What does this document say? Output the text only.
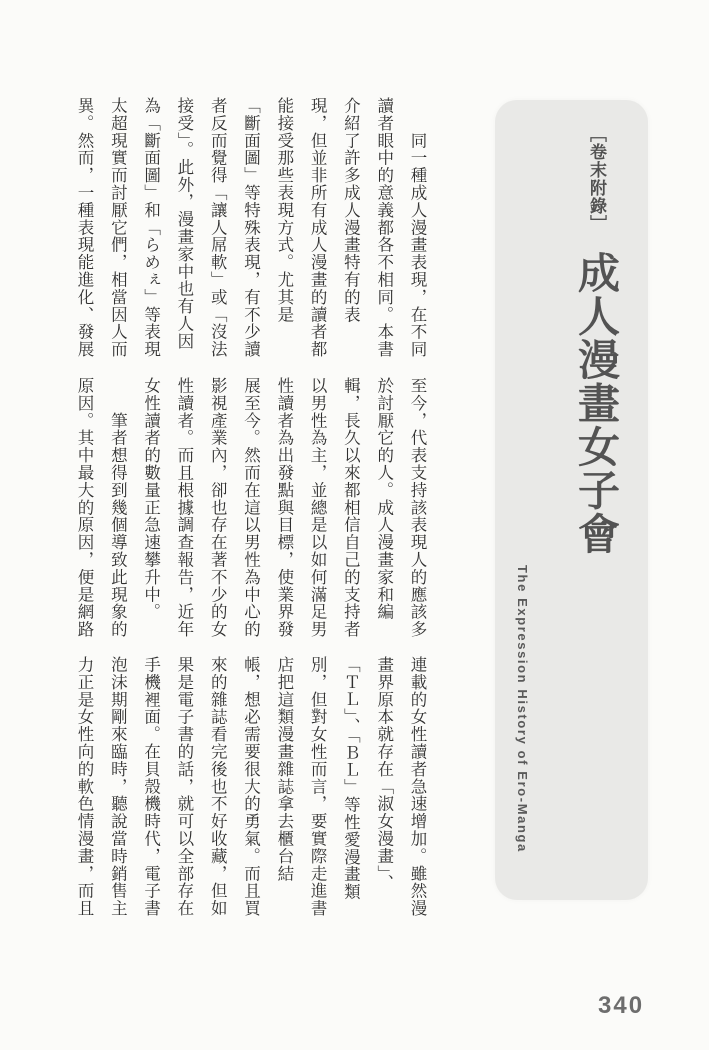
［卷末附錄］ 成人漫畫女子會
The Expression History of Ero-Manga
　　同一種成人漫畫表現，在不同
讀者眼中的意義都各不相同。本書
介紹了許多成人漫畫特有的表
現，但並非所有成人漫畫的讀者都
能接受那些表現方式。尤其是
「斷面圖」等特殊表現，有不少讀
者反而覺得「讓人屌軟」或「沒法
接受」。此外，漫畫家中也有人因
為「斷面圖」和「らめぇ」等表現
太超現實而討厭它們，相當因人而
異。然而，一種表現能進化、發展
至今，代表支持該表現人的應該多
於討厭它的人。成人漫畫家和編
輯，長久以來都相信自己的支持者
以男性為主，並總是以如何滿足男
性讀者為出發點與目標，使業界發
展至今。然而在這以男性為中心的
影視產業內，卻也存在著不少的女
性讀者。而且根據調查報告，近年
女性讀者的數量正急速攀升中。
　　筆者想得到幾個導致此現象的
原因。其中最大的原因，便是網路
連載的女性讀者急速增加。雖然漫
畫界原本就存在「淑女漫畫」、
「ＴＬ」、「ＢＬ」等性愛漫畫類
別，但對女性而言，要實際走進書
店把這類漫畫雜誌拿去櫃台結
帳，想必需要很大的勇氣。而且買
來的雜誌看完後也不好收藏，但如
果是電子書的話，就可以全部存在
手機裡面。在貝殼機時代，電子書
泡沫期剛來臨時，聽說當時銷售主
力正是女性向的軟色情漫畫，而且
340
